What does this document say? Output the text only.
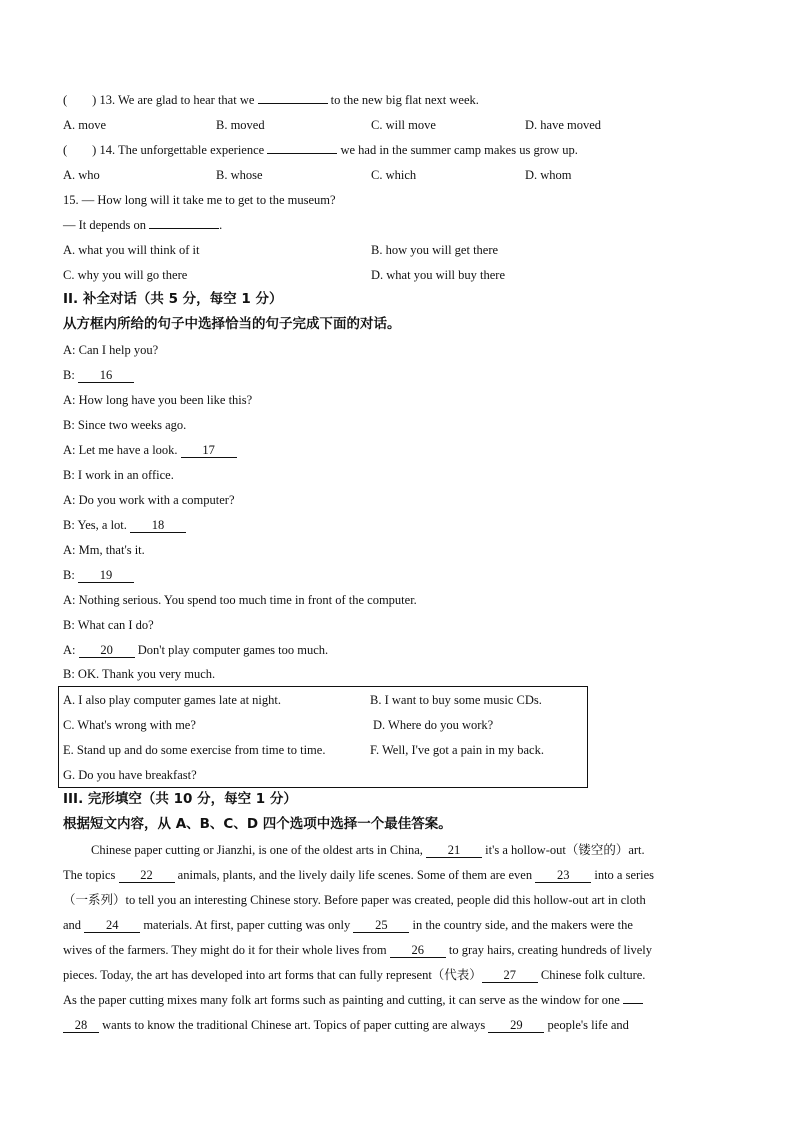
(　　) 13. We are glad to hear that we	to the new big flat next week.
A. move	B. moved	C. will move	D. have moved
(　　) 14. The unforgettable experience	we had in the summer camp makes us grow up.
A. who	B. whose	C. which	D. whom
15. — How long will it take me to get to the museum?
— It depends on	.
A. what you will think of it	B. how you will get there
C. why you will go there	D. what you will buy there
II. 补全对话（共 5 分，每空 1 分）
从方框内所给的句子中选择恰当的句子完成下面的对话。
A: Can I help you?
B: 16
A: How long have you been like this?
B: Since two weeks ago.
A: Let me have a look. 17
B: I work in an office.
A: Do you work with a computer?
B: Yes, a lot. 18
A: Mm, that's it.
B: 19
A: Nothing serious. You spend too much time in front of the computer.
B: What can I do?
A: 20 Don't play computer games too much.
B: OK. Thank you very much.
A. I also play computer games late at night.	B. I want to buy some music CDs.
C. What's wrong with me?	D. Where do you work?
E. Stand up and do some exercise from time to time.	F. Well, I've got a pain in my back.
G. Do you have breakfast?
III. 完形填空（共 10 分，每空 1 分）
根据短文内容，从 A、B、C、D 四个选项中选择一个最佳答案。

Chinese paper cutting or Jianzhi, is one of the oldest arts in China, 21 it's a hollow-out（镂空的）art.

The topics 22 animals, plants, and the lively daily life scenes. Some of them are even 23 into a series

（一系列）to tell you an interesting Chinese story. Before paper was created, people did this hollow-out art in cloth

and 24 materials. At first, paper cutting was only 25 in the country side, and the makers were the

wives of the farmers. They might do it for their whole lives from 26 to gray hairs, creating hundreds of lively

pieces. Today, the art has developed into art forms that can fully represent（代表） 27 Chinese folk culture.

As the paper cutting mixes many folk art forms such as painting and cutting, it can serve as the window for one

28 wants to know the traditional Chinese art. Topics of paper cutting are always 29 people's life and
